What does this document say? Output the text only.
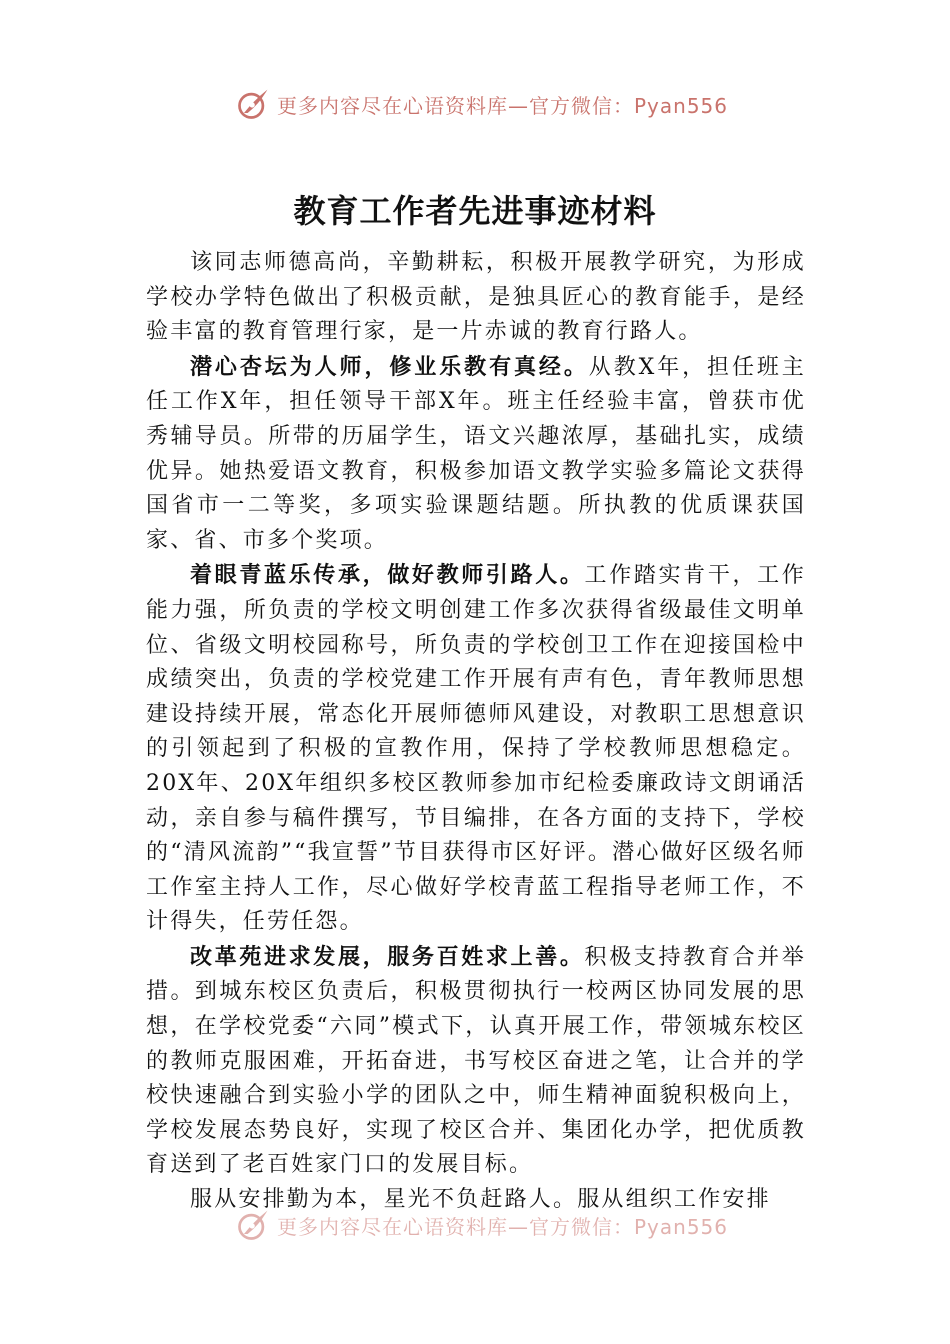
更多内容尽在心语资料库—官方微信：Pyan556
教育工作者先进事迹材料

该同志师德高尚，辛勤耕耘，积极开展教学研究，为形成学校办学特色做出了积极贡献，是独具匠心的教育能手，是经验丰富的教育管理行家，是一片赤诚的教育行路人。

潜心杏坛为人师，修业乐教有真经。从教X年，担任班主任工作X年，担任领导干部X年。班主任经验丰富，曾获市优秀辅导员。所带的历届学生，语文兴趣浓厚，基础扎实，成绩优异。她热爱语文教育，积极参加语文教学实验多篇论文获得国省市一二等奖，多项实验课题结题。所执教的优质课获国家、省、市多个奖项。

着眼青蓝乐传承，做好教师引路人。工作踏实肯干，工作能力强，所负责的学校文明创建工作多次获得省级最佳文明单位、省级文明校园称号，所负责的学校创卫工作在迎接国检中成绩突出，负责的学校党建工作开展有声有色，青年教师思想建设持续开展，常态化开展师德师风建设，对教职工思想意识的引领起到了积极的宣教作用，保持了学校教师思想稳定。20X年、20X年组织多校区教师参加市纪检委廉政诗文朗诵活动，亲自参与稿件撰写，节目编排，在各方面的支持下，学校的“清风流韵”“我宣誓”节目获得市区好评。潜心做好区级名师工作室主持人工作，尽心做好学校青蓝工程指导老师工作，不计得失，任劳任怨。

改革苑进求发展，服务百姓求上善。积极支持教育合并举措。到城东校区负责后，积极贯彻执行一校两区协同发展的思想，在学校党委“六同”模式下，认真开展工作，带领城东校区的教师克服困难，开拓奋进，书写校区奋进之笔，让合并的学校快速融合到实验小学的团队之中，师生精神面貌积极向上，学校发展态势良好，实现了校区合并、集团化办学，把优质教育送到了老百姓家门口的发展目标。

服从安排勤为本，星光不负赶路人。服从组织工作安排

更多内容尽在心语资料库—官方微信：Pyan556
